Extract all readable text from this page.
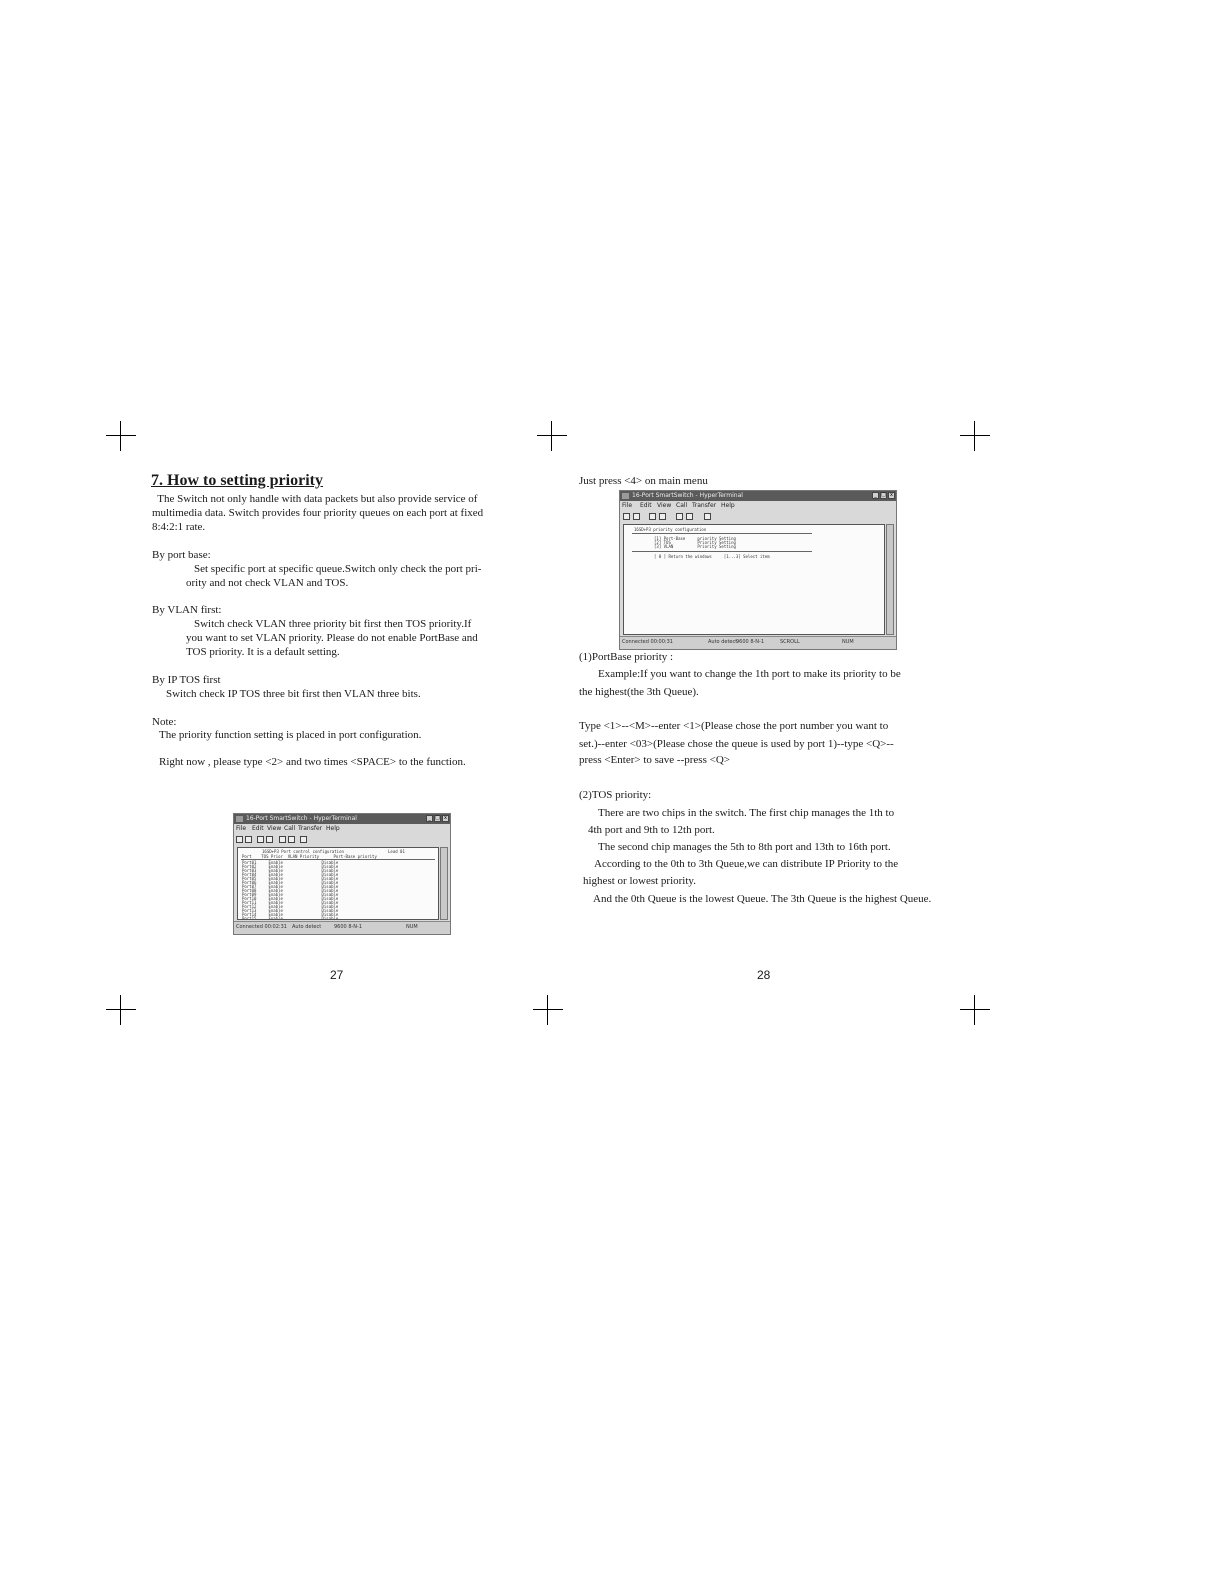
7. How to setting priority
The Switch not only handle with data packets but also provide service of
multimedia data. Switch provides four priority queues on each port at fixed
8:4:2:1 rate.
By port base:
Set specific port at specific queue.Switch only check the port pri-
ority and not check VLAN and TOS.
By VLAN first:
Switch check VLAN three priority bit first then TOS priority.If
you want to set VLAN priority. Please do not enable PortBase and
TOS priority. It is a default setting.
By IP TOS first
Switch check IP TOS three bit first then VLAN three bits.
Note:
The priority function setting is placed in port configuration.
Right now , please type <2> and two times <SPACE> to the function.
16-Port SmartSwitch - HyperTerminal	_ □ x
File Edit View Call Transfer Help
16SD+P3 Port control configuration	Lead 01
Port    TOS Prior  VLAN Priority      Port-Base priority
Port01     Enable                Disable
Port02     Enable                Disable
Port03     Enable                Disable
Port04     Enable                Disable
Port05     Enable                Disable
Port06     Enable                Disable
Port07     Enable                Disable
Port08     Enable                Disable
Port09     Enable                Disable
Port10     Enable                Disable
Port11     Enable                Disable
Port12     Enable                Disable
Port13     Enable                Disable
Port14     Enable                Disable
Port15     Enable                Disable
Connected 00:02:31 Auto detect	9600 8-N-1	NUM
27
Just press <4> on main menu
16-Port SmartSwitch - HyperTerminal	_ □ x
File Edit View Call Transfer Help
16SD+P3 priority configuration
[1] Port-Base     priority Setting
[2] TOS           Priority Setting
[3] VLAN          Priority Setting
[ 0 ] Return the windows     [1...3] Select item
Connected 00:00:31	Auto detect
9600 8-N-1	SCROLL	NUM
(1)PortBase priority :
Example:If you want to change the 1th port to make its priority to be
the highest(the 3th Queue).
Type <1>--<M>--enter <1>(Please chose the port number you want to
set.)--enter <03>(Please chose the queue is used by port 1)--type <Q>--
press <Enter> to save --press <Q>
(2)TOS priority:
There are two chips in the switch. The first chip manages the 1th to
4th port and 9th to 12th port.
The second chip manages the 5th to 8th port and 13th to 16th port.
According to the 0th to 3th Queue,we can distribute IP Priority to the
highest or lowest priority.
And the 0th Queue is the lowest Queue. The 3th Queue is the highest Queue.
28
